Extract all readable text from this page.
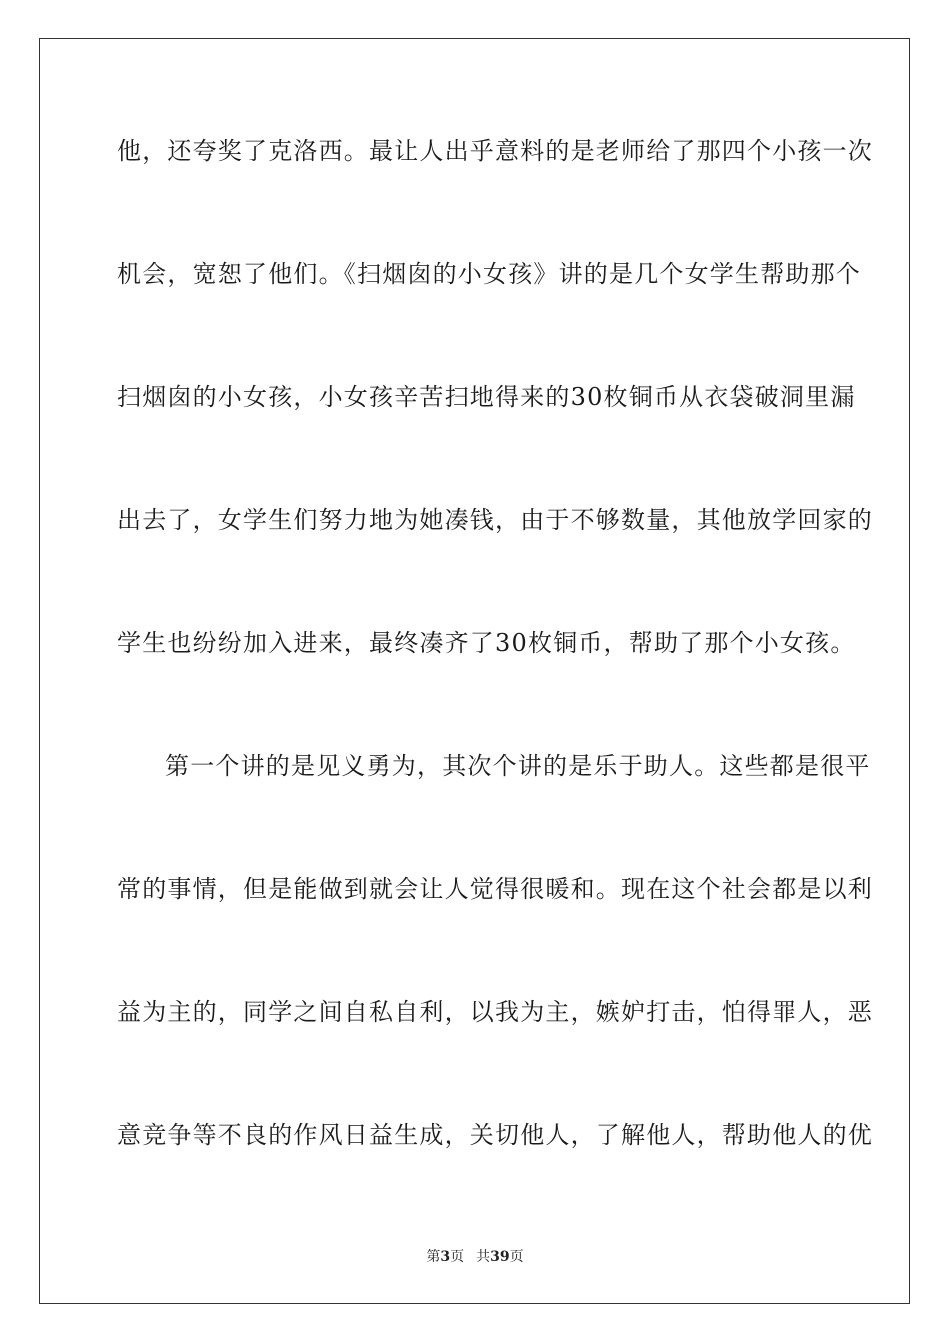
他，还夸奖了克洛西。最让人出乎意料的是老师给了那四个小孩一次
机会，宽恕了他们。《扫烟囱的小女孩》讲的是几个女学生帮助那个
扫烟囱的小女孩，小女孩辛苦扫地得来的30枚铜币从衣袋破洞里漏
出去了，女学生们努力地为她凑钱，由于不够数量，其他放学回家的
学生也纷纷加入进来，最终凑齐了30枚铜币，帮助了那个小女孩。
第一个讲的是见义勇为，其次个讲的是乐于助人。这些都是很平
常的事情，但是能做到就会让人觉得很暖和。现在这个社会都是以利
益为主的，同学之间自私自利，以我为主，嫉妒打击，怕得罪人，恶
意竞争等不良的作风日益生成，关切他人，了解他人，帮助他人的优
第3页 共39页
